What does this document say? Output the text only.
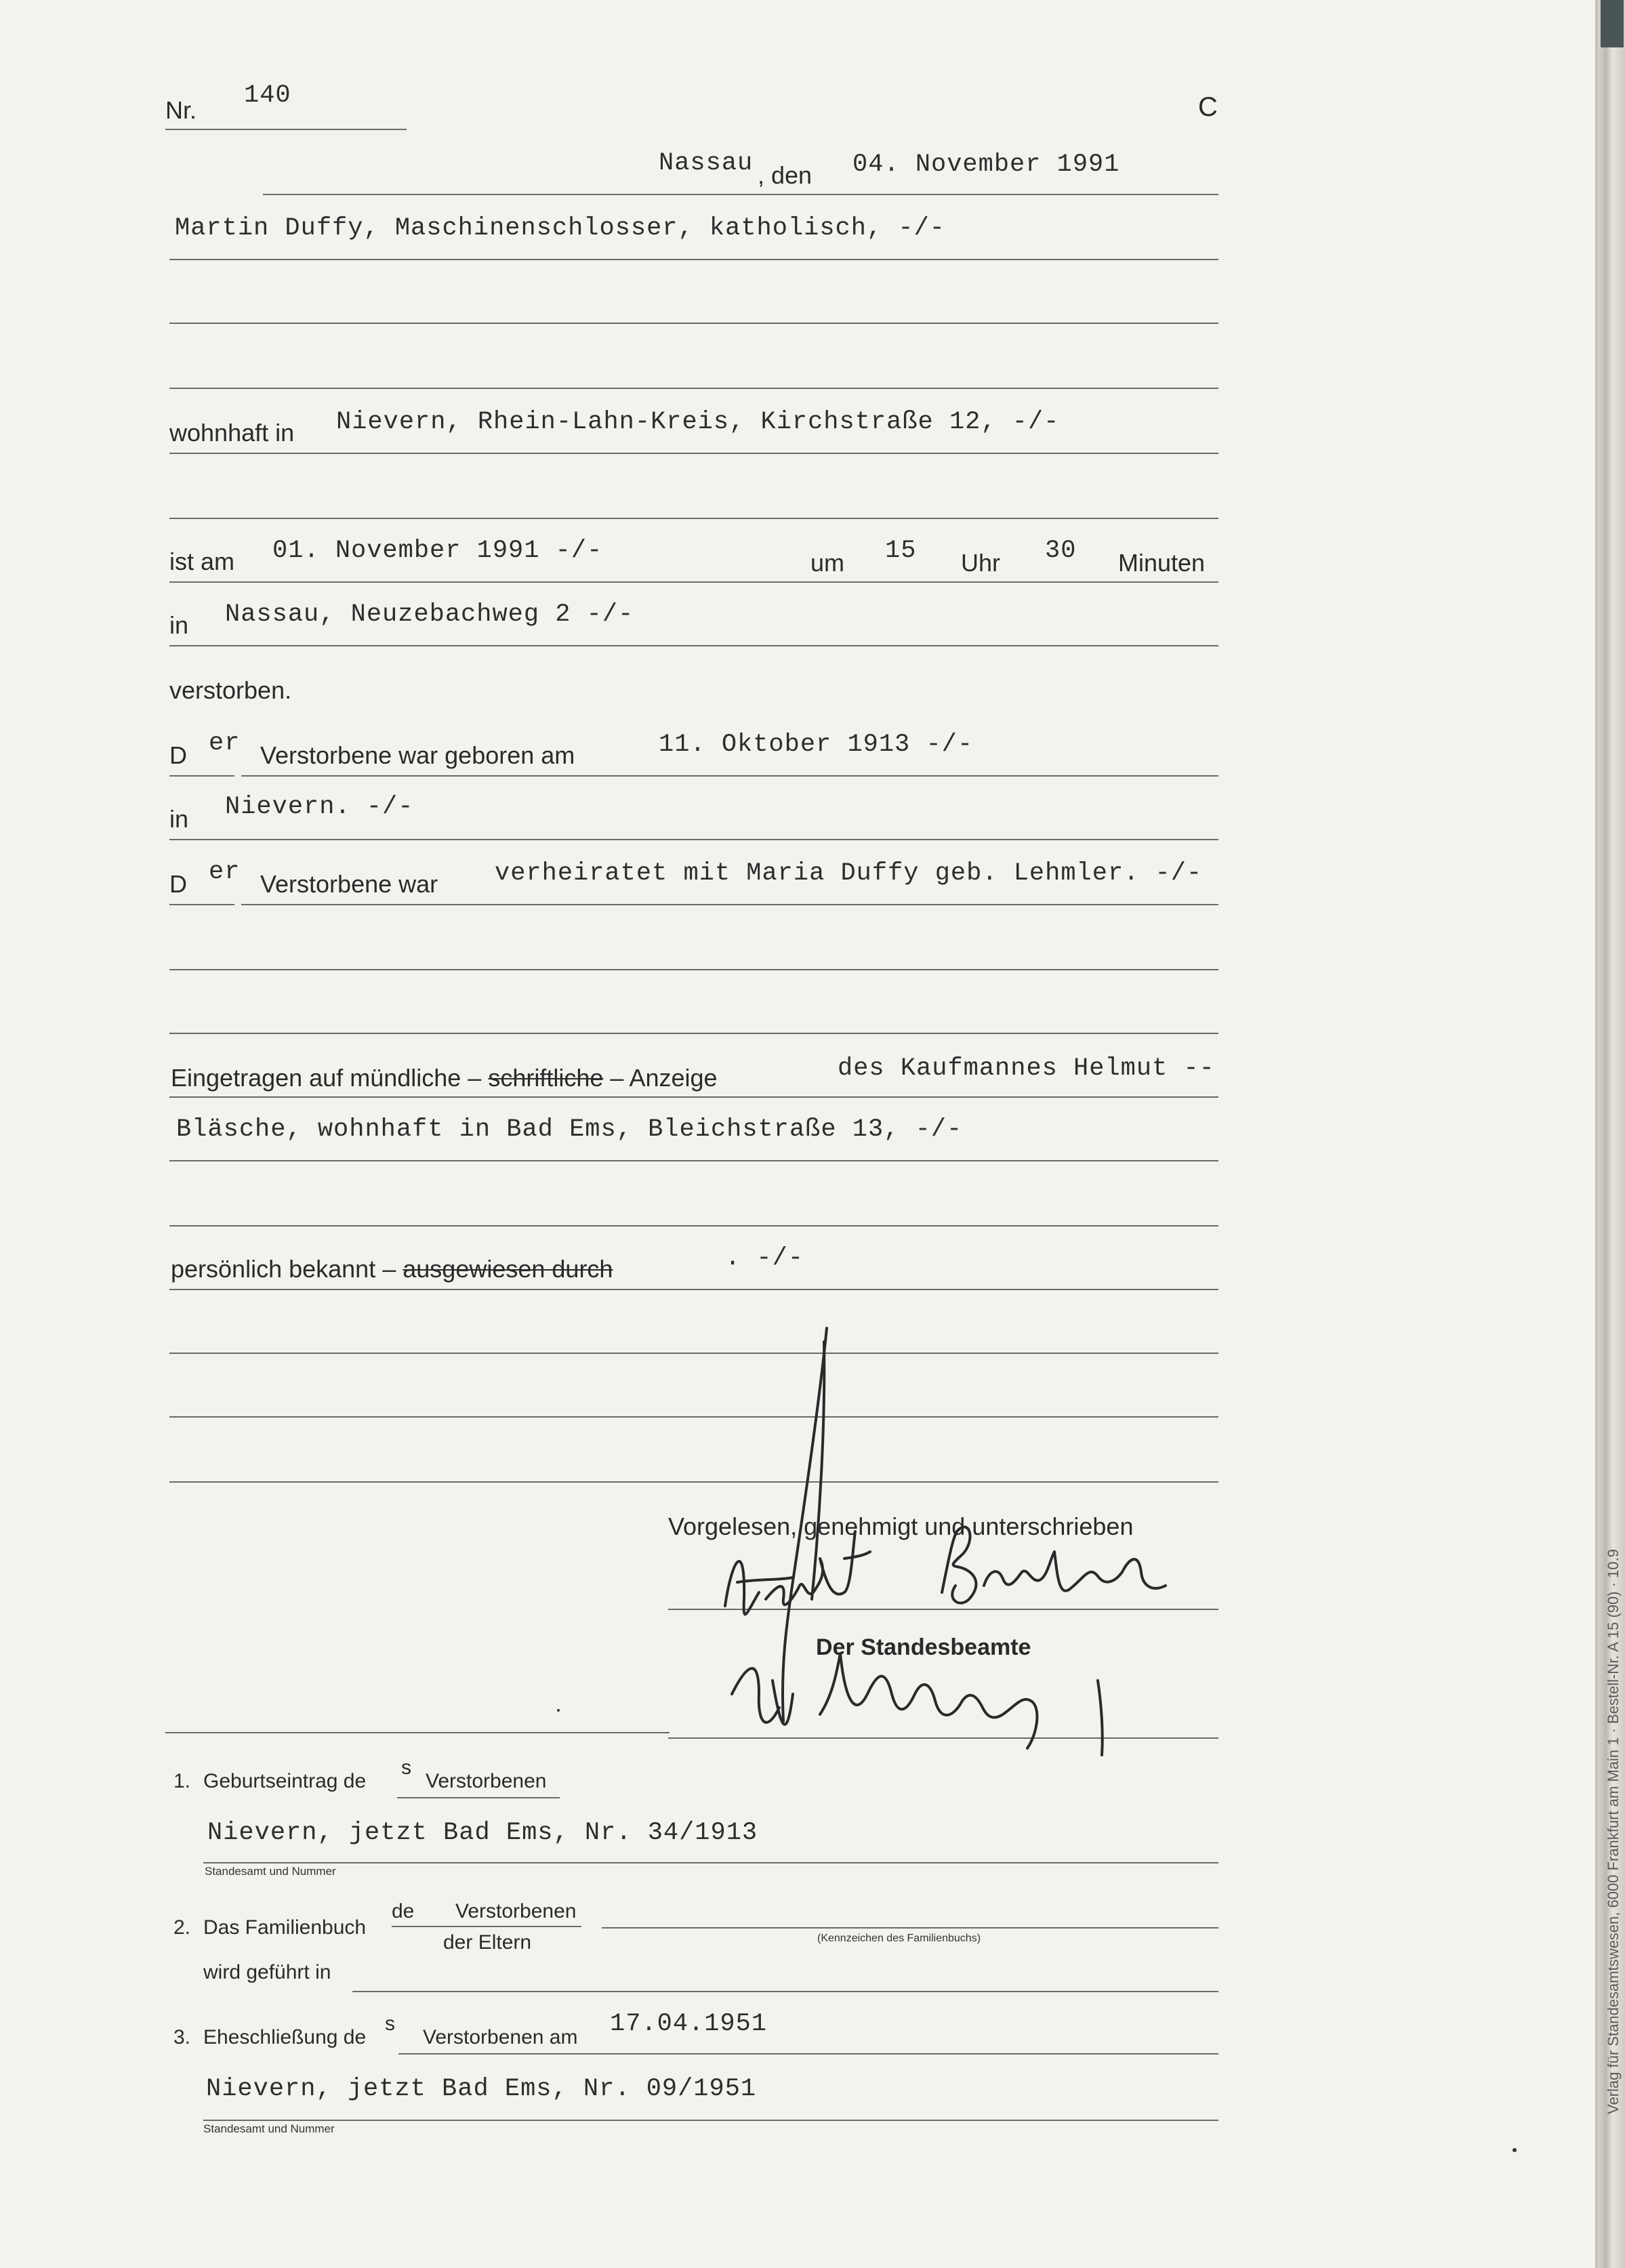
Nr.
140	C
Nassau , den 04. November 1991
Martin Duffy, Maschinenschlosser, katholisch, -/-
wohnhaft in Nievern, Rhein-Lahn-Kreis, Kirchstraße 12, -/-
ist am 01. November 1991 -/-	um 15 Uhr 30 Minuten
in Nassau, Neuzebachweg 2 -/-
verstorben.
D er Verstorbene war geboren am	11. Oktober 1913 -/-
in Nievern. -/-
D er Verstorbene war verheiratet mit Maria Duffy geb. Lehmler. -/-
Eingetragen auf mündliche – schriftliche – Anzeige	des Kaufmannes Helmut --
Bläsche, wohnhaft in Bad Ems, Bleichstraße 13, -/-
persönlich bekannt – ausgewiesen durch	. -/-
Vorgelesen, genehmigt und unterschrieben
Der Standesbeamte
1. Geburtseintrag de
s
Verstorbenen
Nievern, jetzt Bad Ems, Nr. 34/1913
Standesamt und Nummer
2. Das Familienbuch
de Verstorbenen
der Eltern	(Kennzeichen des Familienbuchs)
wird geführt in
3. Eheschließung de
s
Verstorbenen am 17.04.1951
Nievern, jetzt Bad Ems, Nr. 09/1951
Standesamt und Nummer
Verlag für Standesamtswesen, 6000 Frankfurt am Main 1 · Bestell-Nr. A 15 (90) · 10.9
